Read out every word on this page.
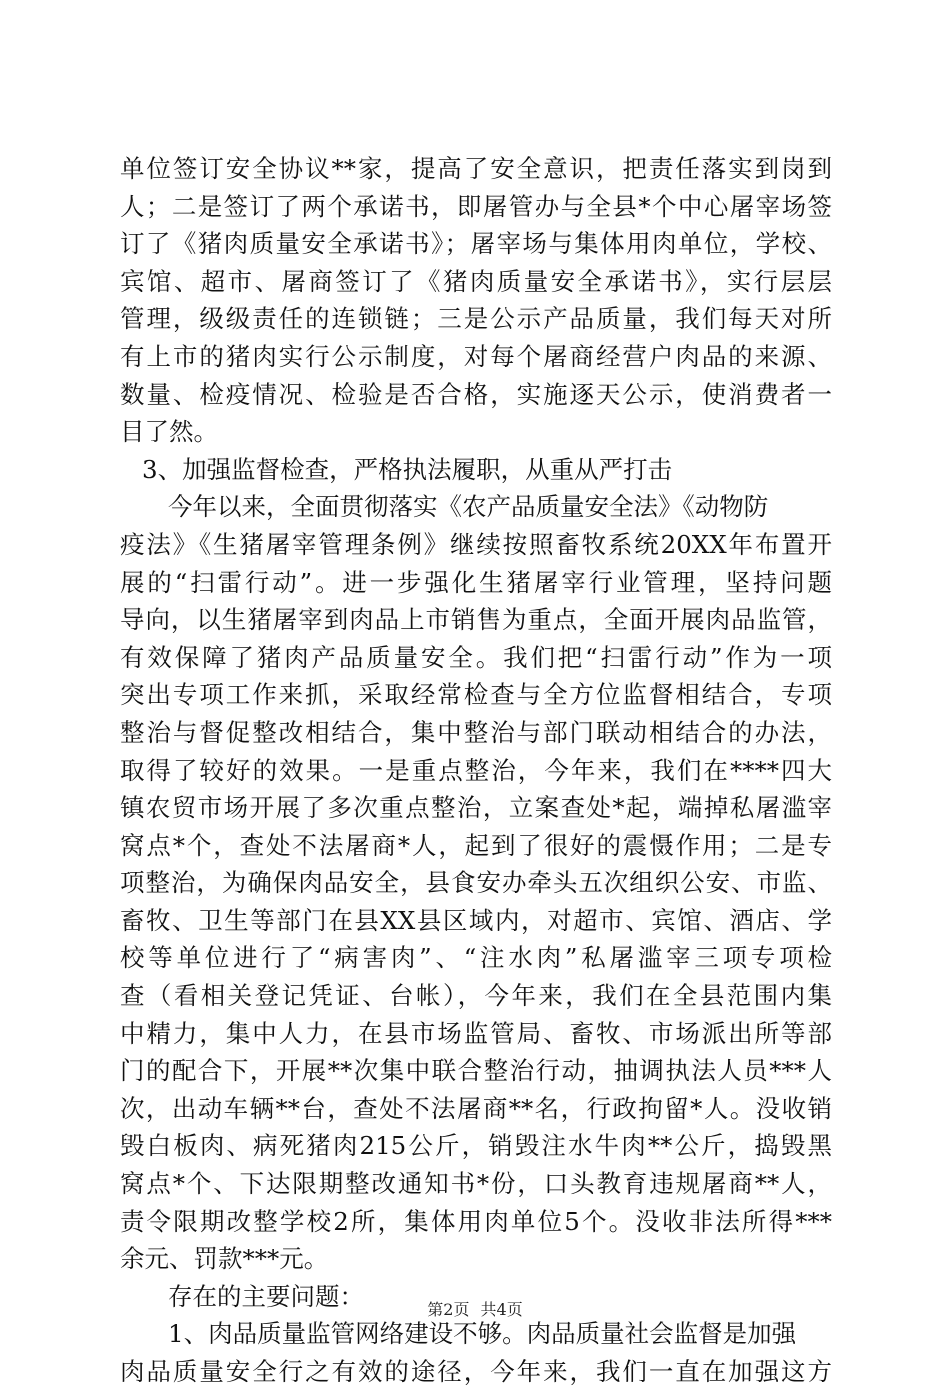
单位签订安全协议**家，提高了安全意识，把责任落实到岗到
人；二是签订了两个承诺书，即屠管办与全县*个中心屠宰场签
订了《猪肉质量安全承诺书》；屠宰场与集体用肉单位，学校、
宾馆、超市、屠商签订了《猪肉质量安全承诺书》，实行层层
管理，级级责任的连锁链；三是公示产品质量，我们每天对所
有上市的猪肉实行公示制度，对每个屠商经营户肉品的来源、
数量、检疫情况、检验是否合格，实施逐天公示，使消费者一
目了然。
3、加强监督检查，严格执法履职，从重从严打击
今年以来，全面贯彻落实《农产品质量安全法》《动物防
疫法》《生猪屠宰管理条例》继续按照畜牧系统20XX年布置开
展的“扫雷行动”。进一步强化生猪屠宰行业管理，坚持问题
导向，以生猪屠宰到肉品上市销售为重点，全面开展肉品监管，
有效保障了猪肉产品质量安全。我们把“扫雷行动”作为一项
突出专项工作来抓，采取经常检查与全方位监督相结合，专项
整治与督促整改相结合，集中整治与部门联动相结合的办法，
取得了较好的效果。一是重点整治，今年来，我们在****四大
镇农贸市场开展了多次重点整治，立案查处*起，端掉私屠滥宰
窝点*个，查处不法屠商*人，起到了很好的震慑作用；二是专
项整治，为确保肉品安全，县食安办牵头五次组织公安、市监、
畜牧、卫生等部门在县XX县区域内，对超市、宾馆、酒店、学
校等单位进行了“病害肉”、“注水肉”私屠滥宰三项专项检
查（看相关登记凭证、台帐），今年来，我们在全县范围内集
中精力，集中人力，在县市场监管局、畜牧、市场派出所等部
门的配合下，开展**次集中联合整治行动，抽调执法人员***人
次，出动车辆**台，查处不法屠商**名，行政拘留*人。没收销
毁白板肉、病死猪肉215公斤，销毁注水牛肉**公斤，捣毁黑
窝点*个、下达限期整改通知书*份，口头教育违规屠商**人，
责令限期改整学校2所，集体用肉单位5个。没收非法所得***
余元、罚款***元。
存在的主要问题：
1、肉品质量监管网络建设不够。肉品质量社会监督是加强
肉品质量安全行之有效的途径，今年来，我们一直在加强这方
第2页 共4页
